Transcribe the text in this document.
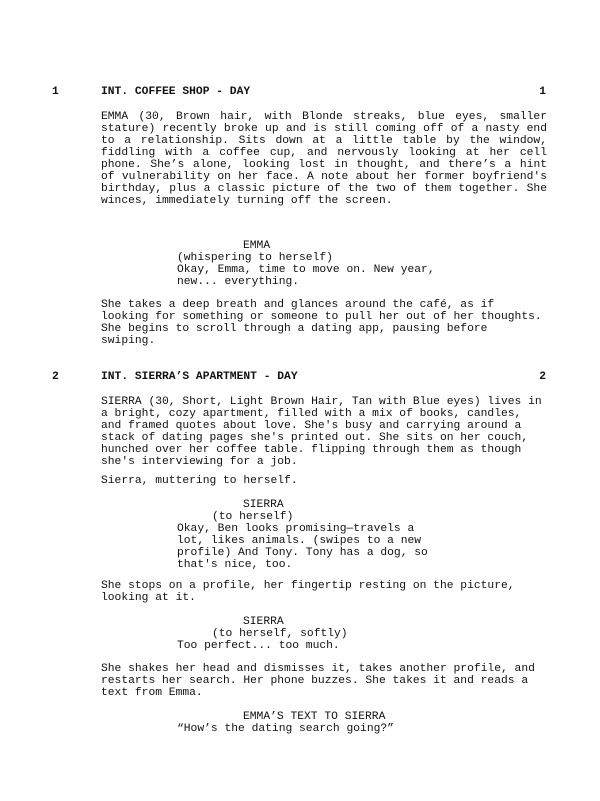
1	INT. COFFEE SHOP - DAY	1

EMMA (30, Brown hair, with Blonde streaks, blue eyes, smaller stature) recently broke up and is still coming off of a nasty end to a relationship. Sits down at a little table by the window, fiddling with a coffee cup, and nervously looking at her cell phone. She’s alone, looking lost in thought, and there’s a hint of vulnerability on her face. A note about her former boyfriend's birthday, plus a classic picture of the two of them together. She winces, immediately turning off the screen.

EMMA
(whispering to herself)

Okay, Emma, time to move on. New year, new... everything.

She takes a deep breath and glances around the café, as if looking for something or someone to pull her out of her thoughts. She begins to scroll through a dating app, pausing before swiping.

2	INT. SIERRA’S APARTMENT - DAY	2

SIERRA (30, Short, Light Brown Hair, Tan with Blue eyes) lives in a bright, cozy apartment, filled with a mix of books, candles, and framed quotes about love. She's busy and carrying around a stack of dating pages she's printed out. She sits on her couch, hunched over her coffee table. flipping through them as though she's interviewing for a job.

Sierra, muttering to herself.

SIERRA
(to herself)

Okay, Ben looks promising—travels a lot, likes animals. (swipes to a new profile) And Tony. Tony has a dog, so that's nice, too.

She stops on a profile, her fingertip resting on the picture, looking at it.

SIERRA
(to herself, softly)

Too perfect... too much.

She shakes her head and dismisses it, takes another profile, and restarts her search. Her phone buzzes. She takes it and reads a text from Emma.

EMMA’S TEXT TO SIERRA

“How’s the dating search going?”
